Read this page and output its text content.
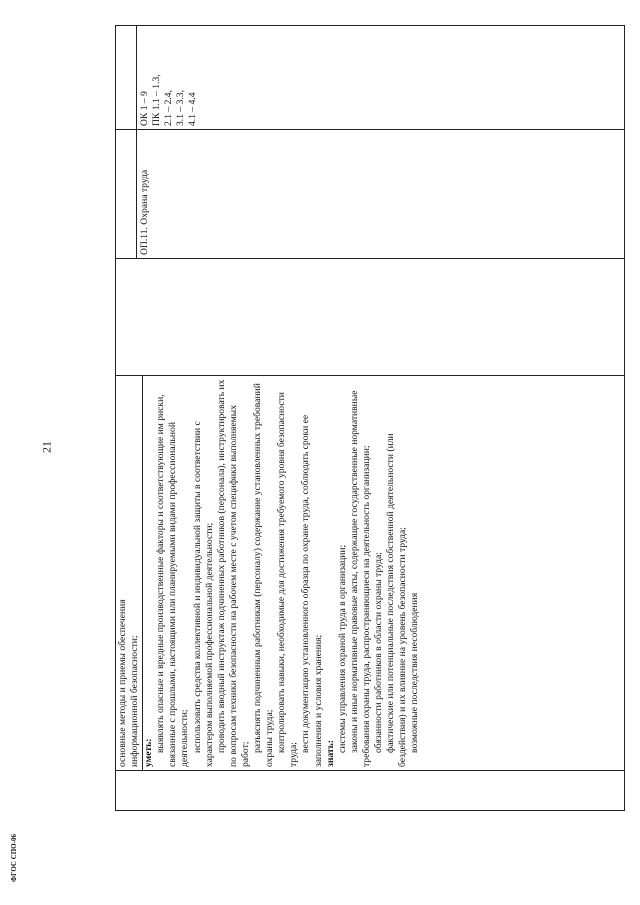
21
ФГОС СПО-06

основные методы и приемы обеспечения информационной безопасности; уметь: выявлять опасные и вредные производственные факторы и соответствующие им риски, связанные с прошлыми, настоящими или планируемыми видами профессиональной деятельности; использовать средства коллективной и индивидуальной защиты в соответствии с характером выполняемой профессиональной деятельности; проводить вводный инструктаж подчиненных работников (персонала), инструктировать их по вопросам техники безопасности на рабочем месте с учетом специфики выполняемых работ;
разъяснять подчиненным работникам (персоналу) содержание установленных требований охраны труда; контролировать навыки, необходимые для достижения требуемого уровня безопасности труда;
вести документацию установленного образца по охране труда, соблюдать сроки ее заполнения и условия хранения; знать:
системы управления охраной труда в организации; законы и иные нормативные правовые акты, содержащие государственные нормативные требования охраны труда, распространяющиеся на деятельность организации; обязанности работников в области охраны труда; фактические или потенциальные последствия собственной деятельности (или бездействия) и их влияние на уровень безопасности труда; возможные последствия несоблюдения

ОП.11. Охрана труда

ОК 1 – 9 ПК 1.1 – 1.3, 2.1 – 2.4, 3.1 – 3.3, 4.1 – 4.4
